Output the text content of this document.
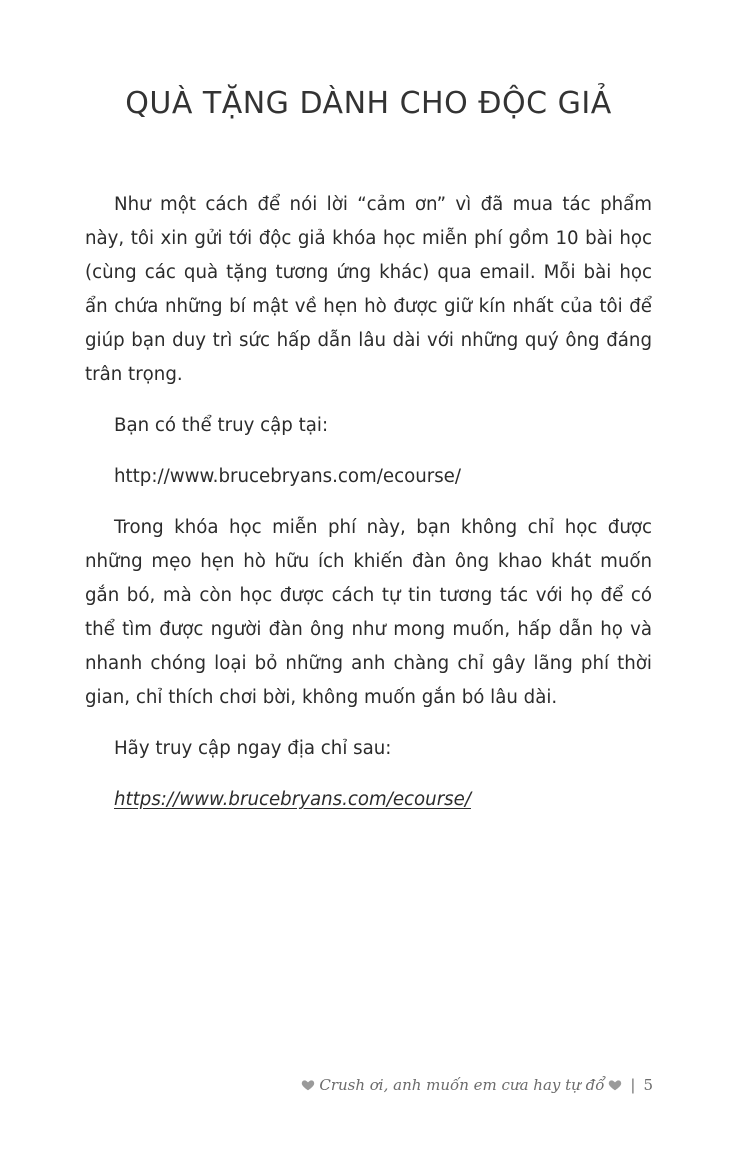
QUÀ TẶNG DÀNH CHO ĐỘC GIẢ

Như một cách để nói lời “cảm ơn” vì đã mua tác phẩm này, tôi xin gửi tới độc giả khóa học miễn phí gồm 10 bài học (cùng các quà tặng tương ứng khác) qua email. Mỗi bài học ẩn chứa những bí mật về hẹn hò được giữ kín nhất của tôi để giúp bạn duy trì sức hấp dẫn lâu dài với những quý ông đáng trân trọng.

Bạn có thể truy cập tại:

http://www.brucebryans.com/ecourse/

Trong khóa học miễn phí này, bạn không chỉ học được những mẹo hẹn hò hữu ích khiến đàn ông khao khát muốn gắn bó, mà còn học được cách tự tin tương tác với họ để có thể tìm được người đàn ông như mong muốn, hấp dẫn họ và nhanh chóng loại bỏ những anh chàng chỉ gây lãng phí thời gian, chỉ thích chơi bời, không muốn gắn bó lâu dài.

Hãy truy cập ngay địa chỉ sau:

https://www.brucebryans.com/ecourse/

Crush ơi, anh muốn em cưa hay tự đổ | 5
